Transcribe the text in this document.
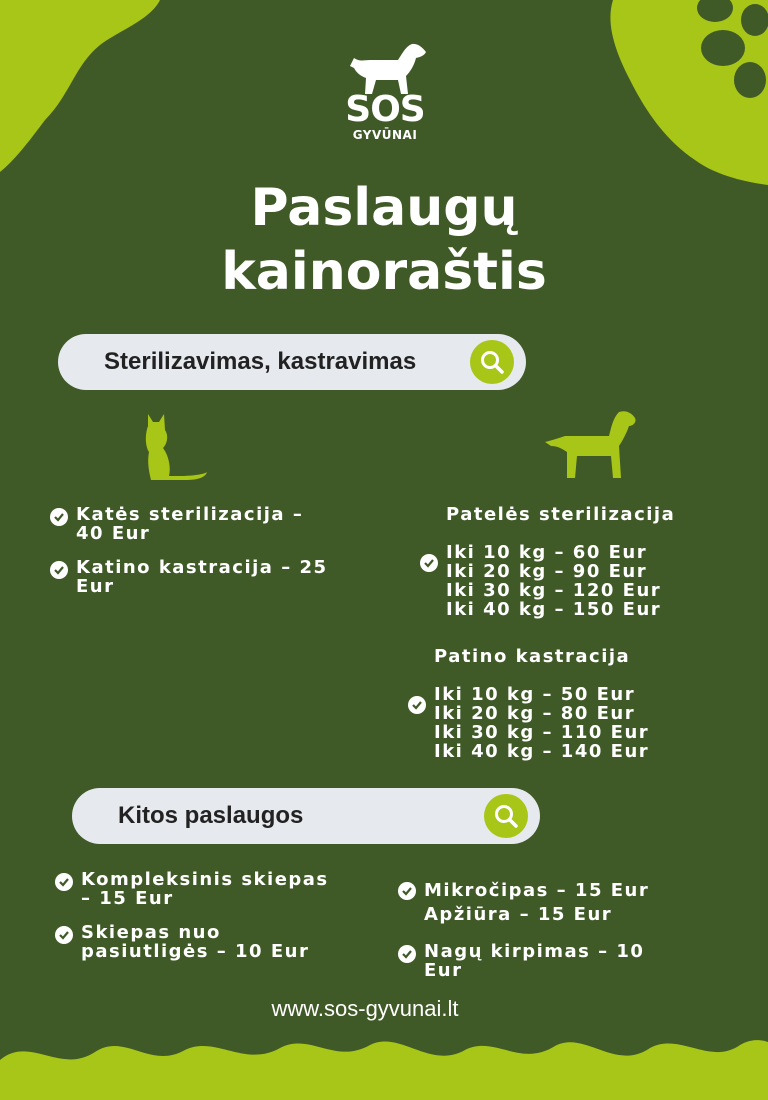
SOS
GYVŪNAI
Paslaugų
kainoraštis
Sterilizavimas, kastravimas
Katės sterilizacija –
40 Eur
Katino kastracija – 25
Eur
Patelės sterilizacija
Iki 10 kg – 60 Eur
Iki 20 kg – 90 Eur
Iki 30 kg – 120 Eur
Iki 40 kg – 150 Eur
Patino kastracija
Iki 10 kg – 50 Eur
Iki 20 kg – 80 Eur
Iki 30 kg – 110 Eur
Iki 40 kg – 140 Eur
Kitos paslaugos
Kompleksinis skiepas
– 15 Eur
Skiepas nuo
pasiutligės – 10 Eur
Mikročipas – 15 Eur
Apžiūra – 15 Eur
Nagų kirpimas – 10
Eur
www.sos-gyvunai.lt
